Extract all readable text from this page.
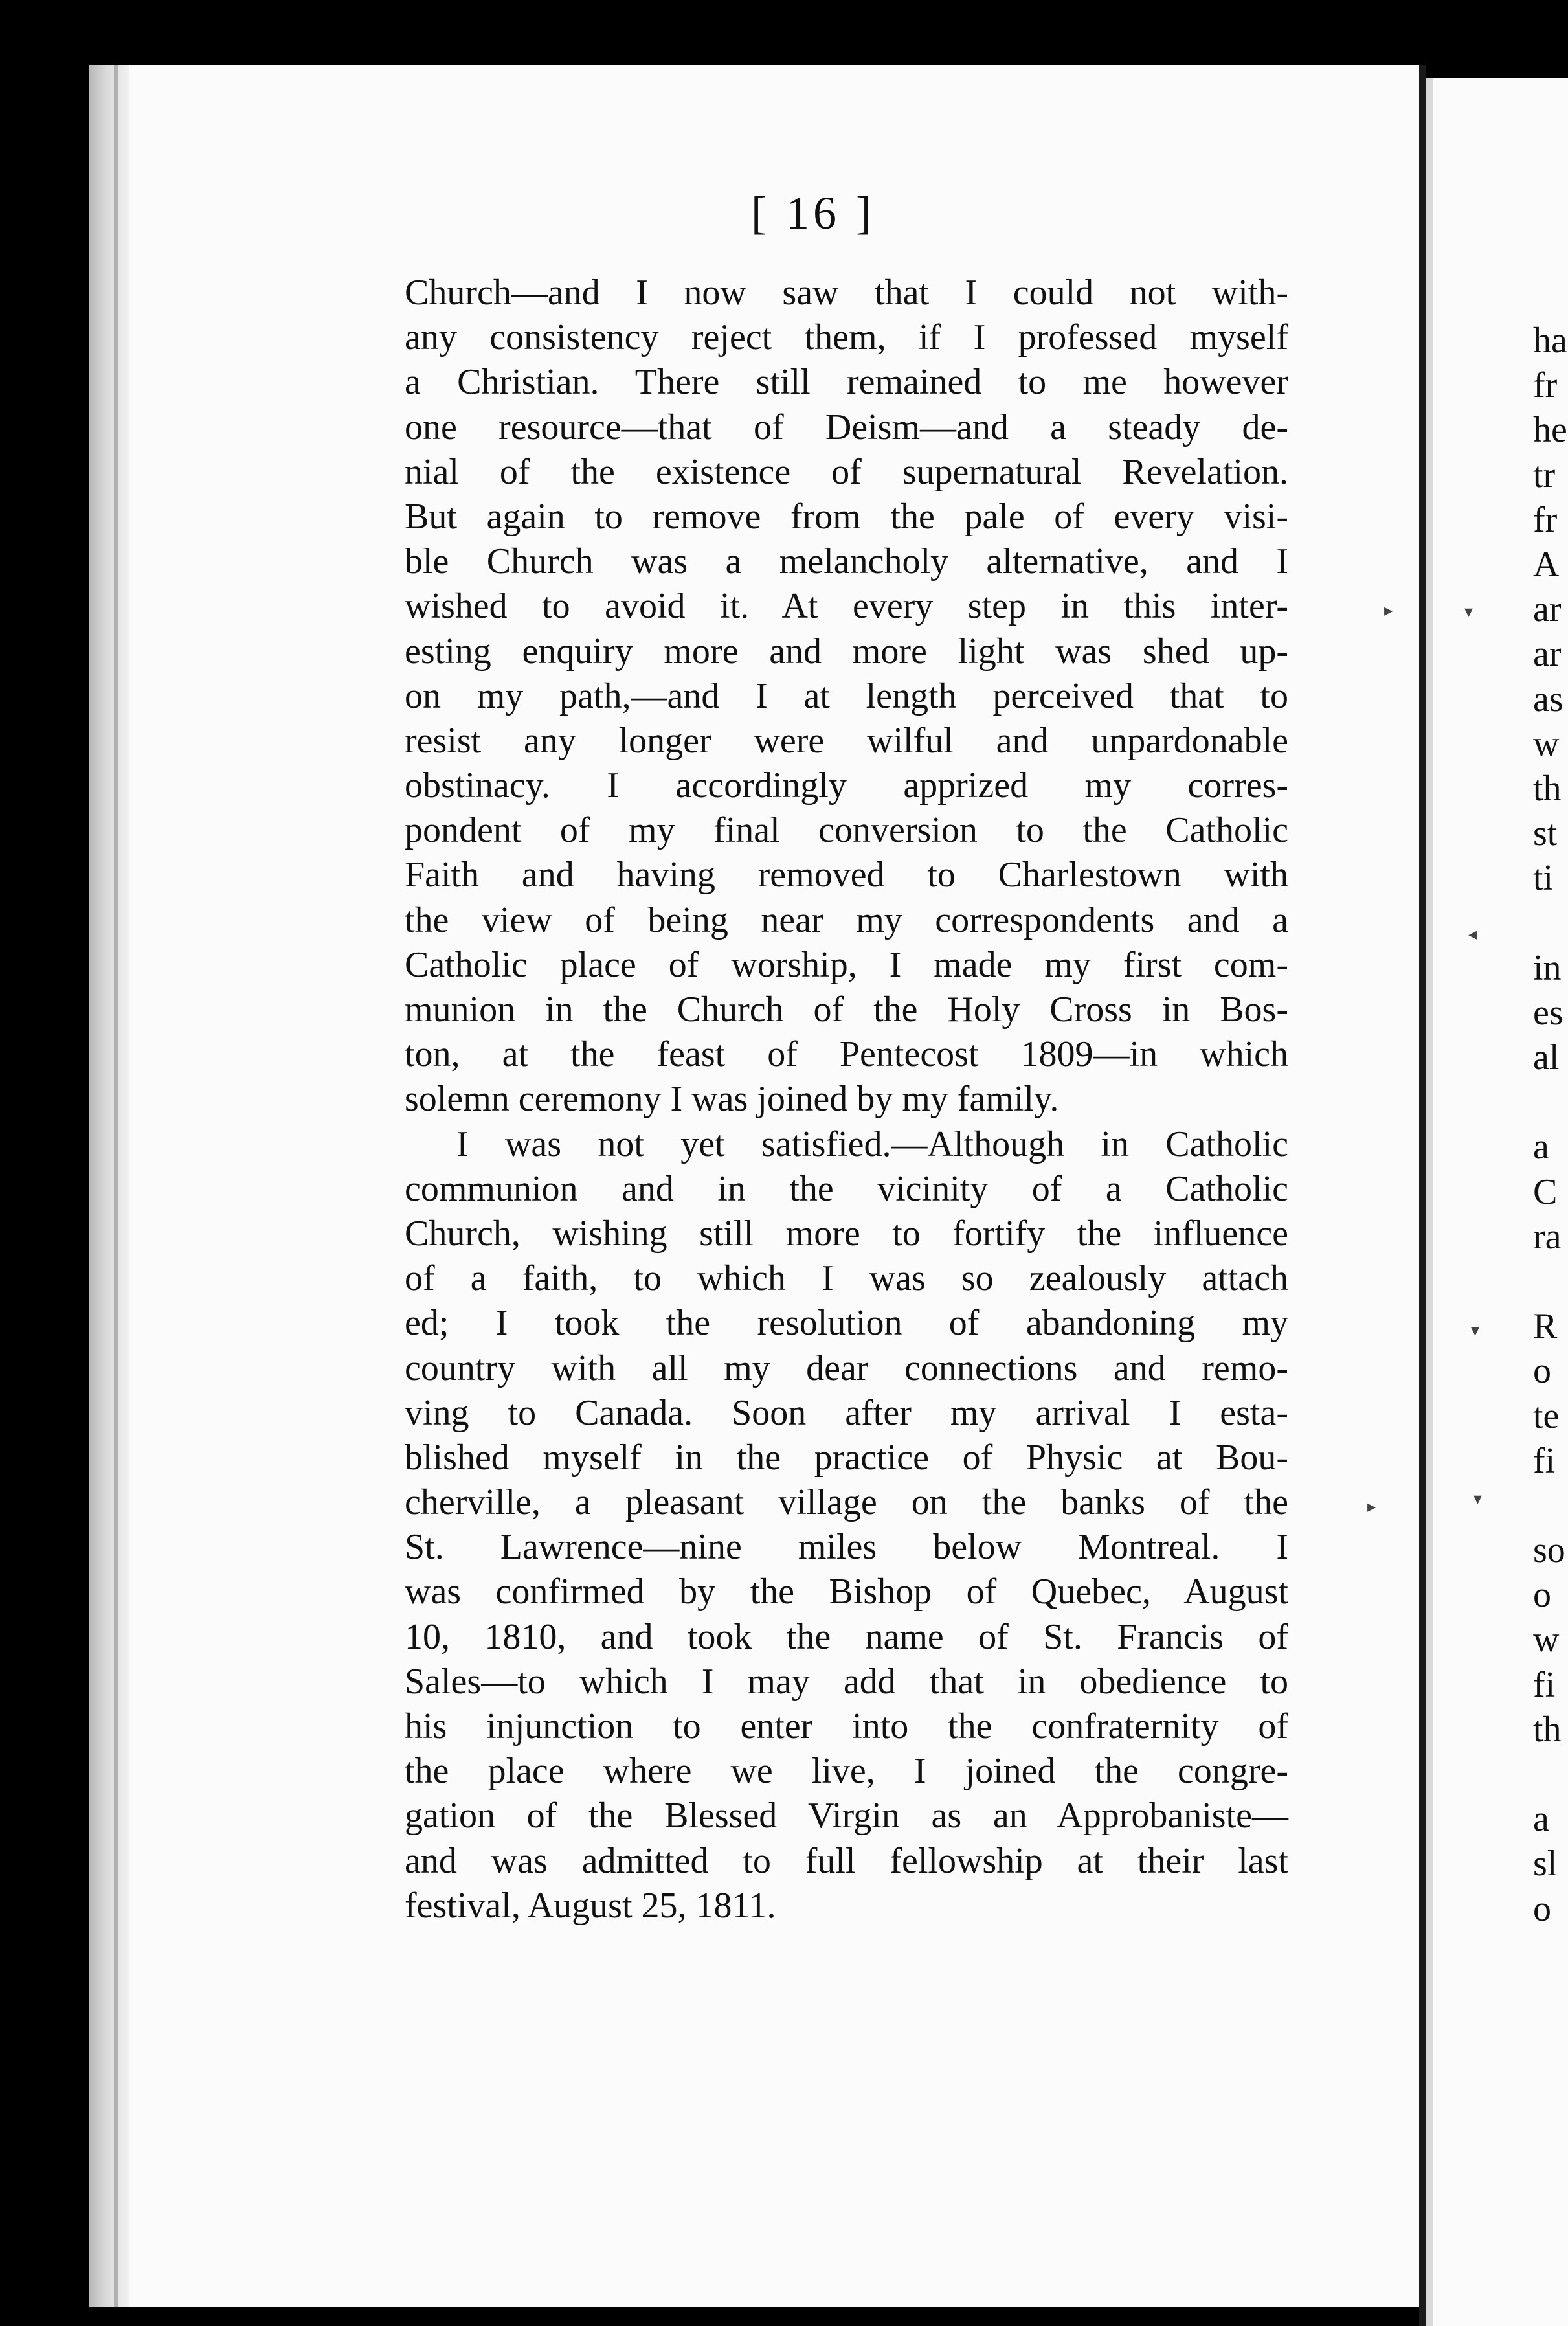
[ 16 ]
Church—and I now saw that I could not with-
any consistency reject them, if I professed myself
a Christian. There still remained to me however
one resource—that of Deism—and a steady de-
nial of the existence of supernatural Revelation.
But again to remove from the pale of every visi-
ble Church was a melancholy alternative, and I
wished to avoid it. At every step in this inter-
esting enquiry more and more light was shed up-
on my path,—and I at length perceived that to
resist any longer were wilful and unpardonable
obstinacy. I accordingly apprized my corres-
pondent of my final conversion to the Catholic
Faith and having removed to Charlestown with
the view of being near my correspondents and a
Catholic place of worship, I made my first com-
munion in the Church of the Holy Cross in Bos-
ton, at the feast of Pentecost 1809—in which
solemn ceremony I was joined by my family.
I was not yet satisfied.—Although in Catholic
communion and in the vicinity of a Catholic
Church, wishing still more to fortify the influence
of a faith, to which I was so zealously attach
ed; I took the resolution of abandoning my
country with all my dear connections and remo-
ving to Canada. Soon after my arrival I esta-
blished myself in the practice of Physic at Bou-
cherville, a pleasant village on the banks of the
St. Lawrence—nine miles below Montreal. I
was confirmed by the Bishop of Quebec, August
10, 1810, and took the name of St. Francis of
Sales—to which I may add that in obedience to
his injunction to enter into the confraternity of
the place where we live, I joined the congre-
gation of the Blessed Virgin as an Approbaniste—
and was admitted to full fellowship at their last
festival, August 25, 1811.
ha
fr
he
tr
fr
A
ar
ar
as
w
th
st
ti
in
es
al
a
C
ra
R
o
te
fi
so
o
w
fi
th
a
sl
o
▸	▾
◂
▾
▸	▾
